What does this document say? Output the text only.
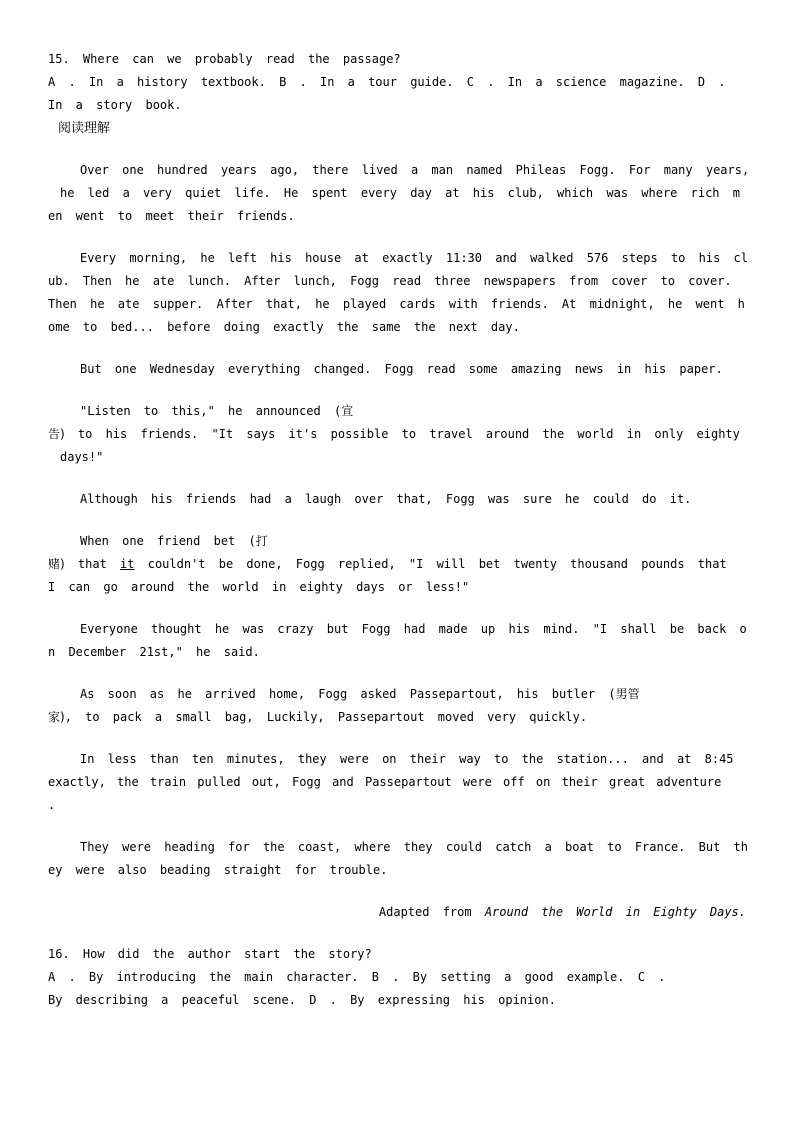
15. Where can we probably read the passage?
A . In a history textbook. B . In a tour guide. C . In a science magazine. D .
In a story book.
阅读理解
Over one hundred years ago, there lived a man named Phileas Fogg. For many years,
he led a very quiet life. He spent every day at his club, which was where rich m
en went to meet their friends.
Every morning, he left his house at exactly 11:30 and walked 576 steps to his cl
ub. Then he ate lunch. After lunch, Fogg read three newspapers from cover to cover.
Then he ate supper. After that, he played cards with friends. At midnight, he went h
ome to bed... before doing exactly the same the next day.
But one Wednesday everything changed. Fogg read some amazing news in his paper.
"Listen to this," he announced (宣
告) to his friends. "It says it's possible to travel around the world in only eighty
days!"
Although his friends had a laugh over that, Fogg was sure he could do it.
When one friend bet (打
赌) that it couldn't be done, Fogg replied, "I will bet twenty thousand pounds that
I can go around the world in eighty days or less!"
Everyone thought he was crazy but Fogg had made up his mind. "I shall be back o
n December 21st," he said.
As soon as he arrived home, Fogg asked Passepartout, his butler (男管
家), to pack a small bag, Luckily, Passepartout moved very quickly.
In less than ten minutes, they were on their way to the station... and at 8:45
exactly, the train pulled out, Fogg and Passepartout were off on their great adventure
.
They were heading for the coast, where they could catch a boat to France. But th
ey were also beading straight for trouble.
Adapted from Around the World in Eighty Days.
16. How did the author start the story?
A . By introducing the main character. B . By setting a good example. C .
By describing a peaceful scene. D . By expressing his opinion.
